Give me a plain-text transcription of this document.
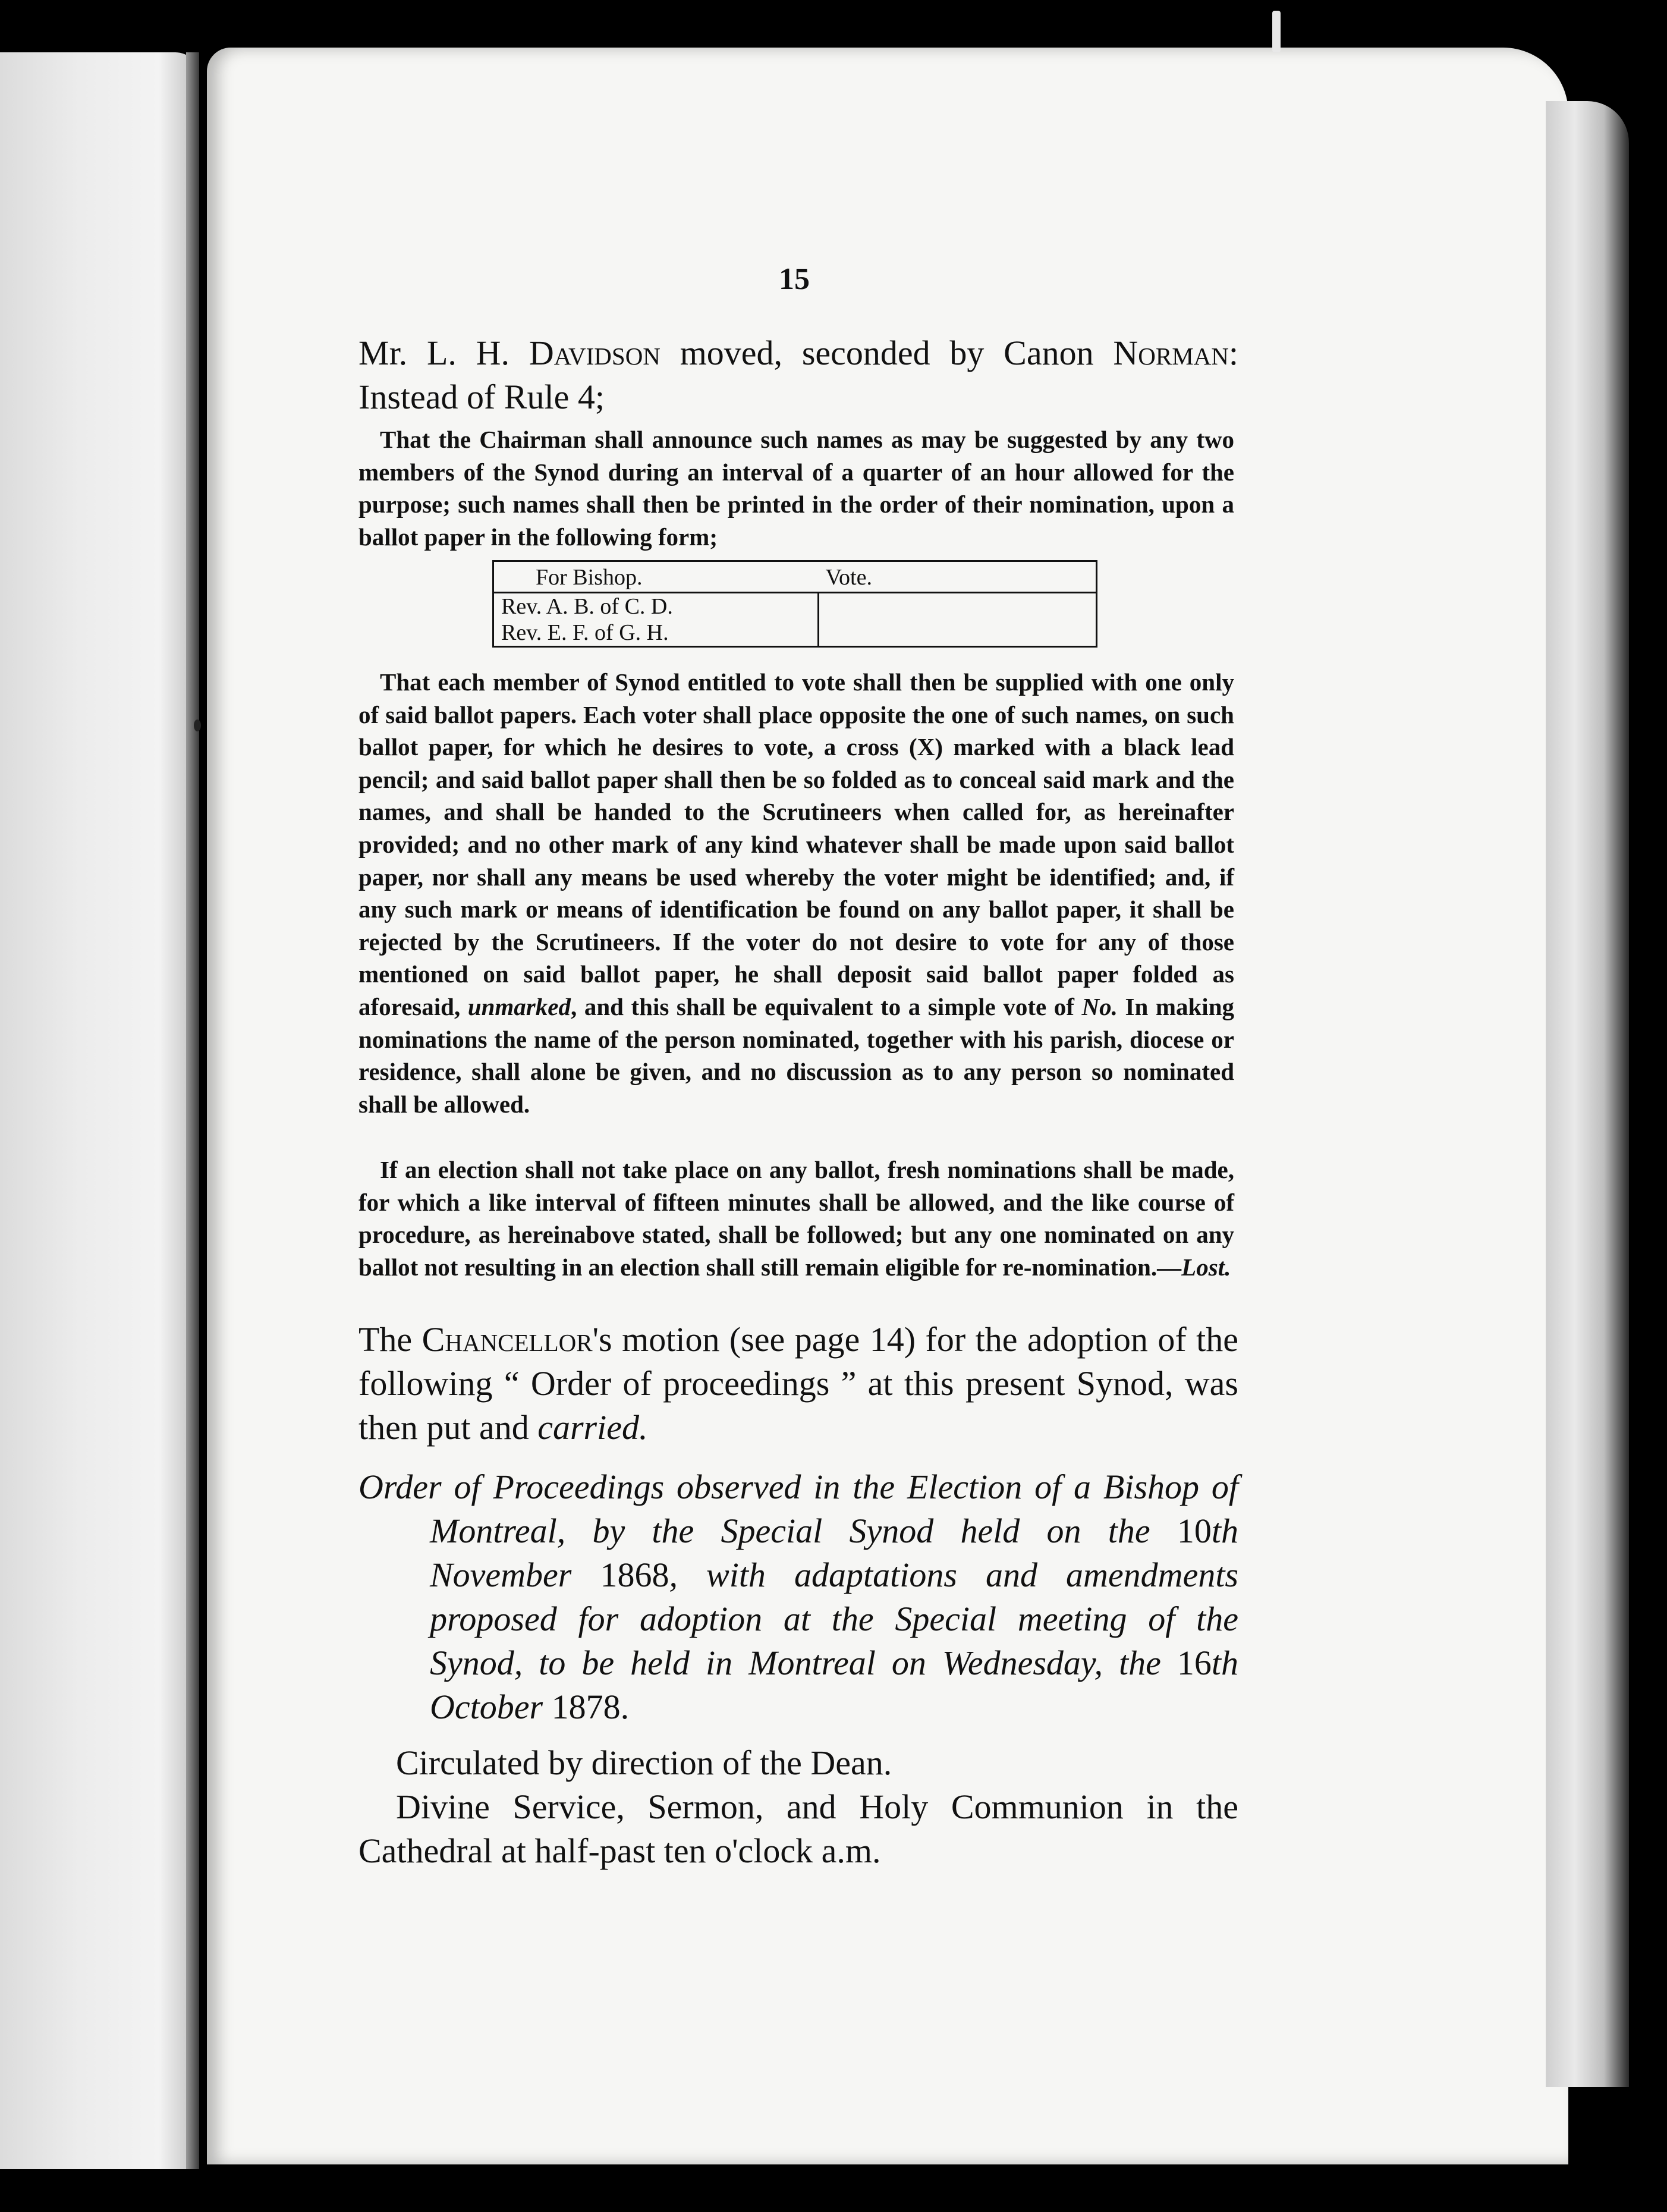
15
Mr. L. H. Davidson moved, seconded by Canon Norman: Instead of Rule 4;

That the Chairman shall announce such names as may be suggested by any two members of the Synod during an interval of a quarter of an hour allowed for the purpose; such names shall then be printed in the order of their nomination, upon a ballot paper in the following form;

For Bishop.	Vote.
Rev. A. B. of C. D.	
Rev. E. F. of G. H.	

That each member of Synod entitled to vote shall then be supplied with one only of said ballot papers. Each voter shall place opposite the one of such names, on such ballot paper, for which he desires to vote, a cross (X) marked with a black lead pencil; and said ballot paper shall then be so folded as to conceal said mark and the names, and shall be handed to the Scrutineers when called for, as hereinafter provided; and no other mark of any kind whatever shall be made upon said ballot paper, nor shall any means be used whereby the voter might be identified; and, if any such mark or means of identification be found on any ballot paper, it shall be rejected by the Scrutineers. If the voter do not desire to vote for any of those mentioned on said ballot paper, he shall deposit said ballot paper folded as aforesaid, unmarked, and this shall be equivalent to a simple vote of No. In making nominations the name of the person nominated, together with his parish, diocese or residence, shall alone be given, and no discussion as to any person so nominated shall be allowed.

If an election shall not take place on any ballot, fresh nominations shall be made, for which a like interval of fifteen minutes shall be allowed, and the like course of procedure, as hereinabove stated, shall be followed; but any one nominated on any ballot not resulting in an election shall still remain eligible for re-nomination.—Lost.

The Chancellor's motion (see page 14) for the adoption of the following “ Order of proceedings ” at this present Synod, was then put and carried.
Order of Proceedings observed in the Election of a Bishop of Montreal, by the Special Synod held on the 10th November 1868, with adaptations and amendments proposed for adoption at the Special meeting of the Synod, to be held in Montreal on Wednesday, the 16th October 1878.
Circulated by direction of the Dean.

Divine Service, Sermon, and Holy Communion in the Cathedral at half-past ten o'clock a.m.
